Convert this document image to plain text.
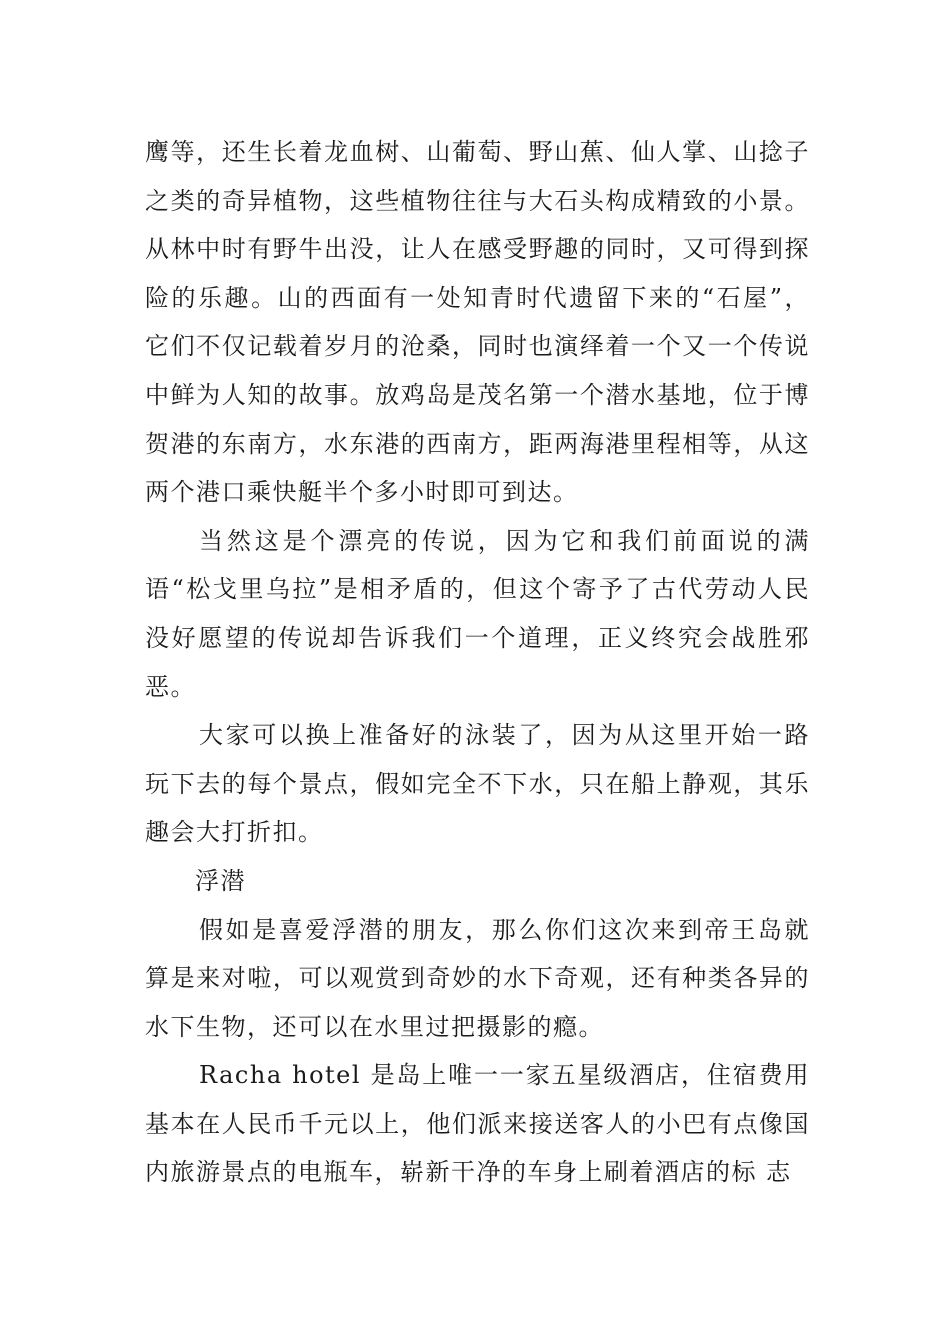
鹰等，还生长着龙血树、山葡萄、野山蕉、仙人掌、山捻子之类的奇异植物，这些植物往往与大石头构成精致的小景。从林中时有野牛出没，让人在感受野趣的同时，又可得到探险的乐趣。山的西面有一处知青时代遗留下来的“石屋”，它们不仅记载着岁月的沧桑，同时也演绎着一个又一个传说中鲜为人知的故事。放鸡岛是茂名第一个潜水基地，位于博贺港的东南方，水东港的西南方，距两海港里程相等，从这两个港口乘快艇半个多小时即可到达。

当然这是个漂亮的传说，因为它和我们前面说的满语“松戈里乌拉”是相矛盾的，但这个寄予了古代劳动人民没好愿望的传说却告诉我们一个道理，正义终究会战胜邪恶。

大家可以换上准备好的泳装了，因为从这里开始一路玩下去的每个景点，假如完全不下水，只在船上静观，其乐趣会大打折扣。

浮潜

假如是喜爱浮潜的朋友，那么你们这次来到帝王岛就算是来对啦，可以观赏到奇妙的水下奇观，还有种类各异的水下生物，还可以在水里过把摄影的瘾。

Racha hotel 是岛上唯一一家五星级酒店，住宿费用基本在人民币千元以上，他们派来接送客人的小巴有点像国内旅游景点的电瓶车，崭新干净的车身上刷着酒店的标 志
